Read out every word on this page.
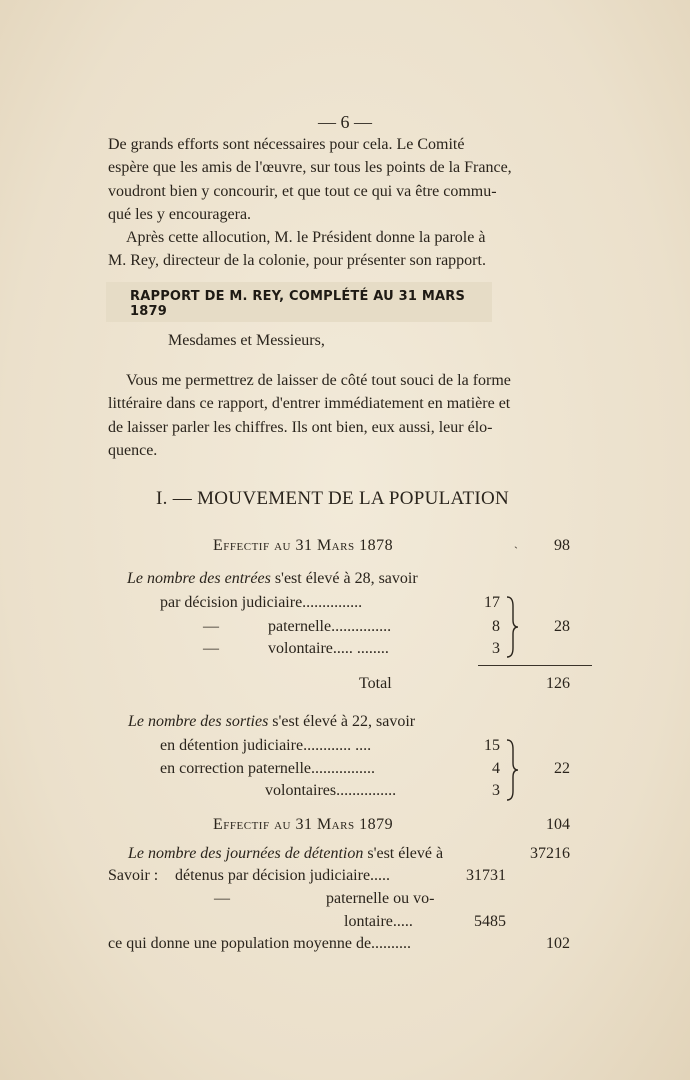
— 6 —

De grands efforts sont nécessaires pour cela. Le Comité

espère que les amis de l'œuvre, sur tous les points de la France,

voudront bien y concourir, et que tout ce qui va être commu-

qué les y encouragera.

Après cette allocution, M. le Président donne la parole à

M. Rey, directeur de la colonie, pour présenter son rapport.

RAPPORT DE M. REY, COMPLÉTÉ AU 31 MARS 1879
Mesdames et Messieurs,

Vous me permettrez de laisser de côté tout souci de la forme

littéraire dans ce rapport, d'entrer immédiatement en matière et

de laisser parler les chiffres. Ils ont bien, eux aussi, leur élo-

quence.

I. — MOUVEMENT DE LA POPULATION
Effectif au 31 Mars 1878	ˎ	98
Le nombre des entrées s'est élevé à 28, savoir
par décision judiciaire...............	17
—	paternelle...............	8
—	volontaire..... ........	3
28
Total	126
Le nombre des sorties s'est élevé à 22, savoir
en détention judiciaire............ ....	15
en correction paternelle................	4
volontaires...............	3
22
Effectif au 31 Mars 1879	104
Le nombre des journées de détention s'est élevé à	37216
Savoir : détenus par décision judiciaire.....	31731
—	paternelle ou vo-
lontaire.....	5485
ce qui donne une population moyenne de..........	102
